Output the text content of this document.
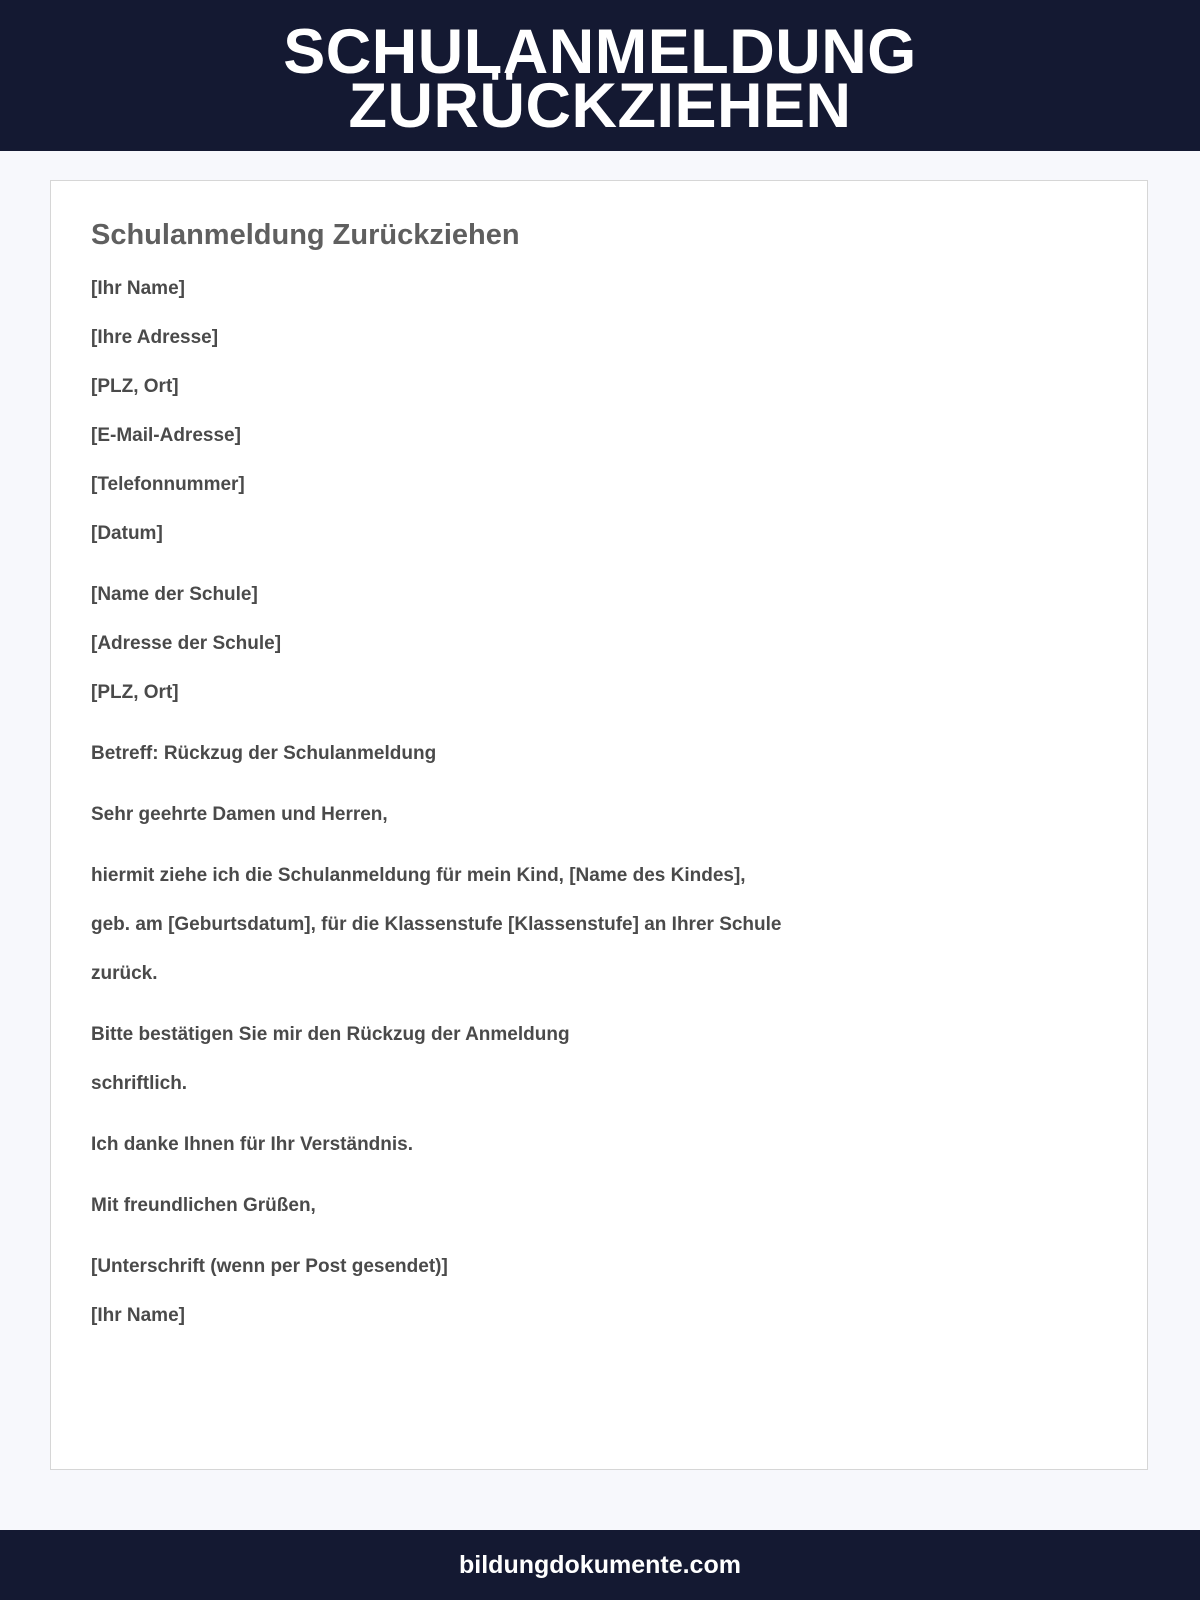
SCHULANMELDUNG ZURÜCKZIEHEN
Schulanmeldung Zurückziehen

[Ihr Name]

[Ihre Adresse]

[PLZ, Ort]

[E-Mail-Adresse]

[Telefonnummer]

[Datum]

[Name der Schule]

[Adresse der Schule]

[PLZ, Ort]

Betreff: Rückzug der Schulanmeldung

Sehr geehrte Damen und Herren,

hiermit ziehe ich die Schulanmeldung für mein Kind, [Name des Kindes],

geb. am [Geburtsdatum], für die Klassenstufe [Klassenstufe] an Ihrer Schule

zurück.

Bitte bestätigen Sie mir den Rückzug der Anmeldung

schriftlich.

Ich danke Ihnen für Ihr Verständnis.

Mit freundlichen Grüßen,

[Unterschrift (wenn per Post gesendet)]

[Ihr Name]

bildungdokumente.com
